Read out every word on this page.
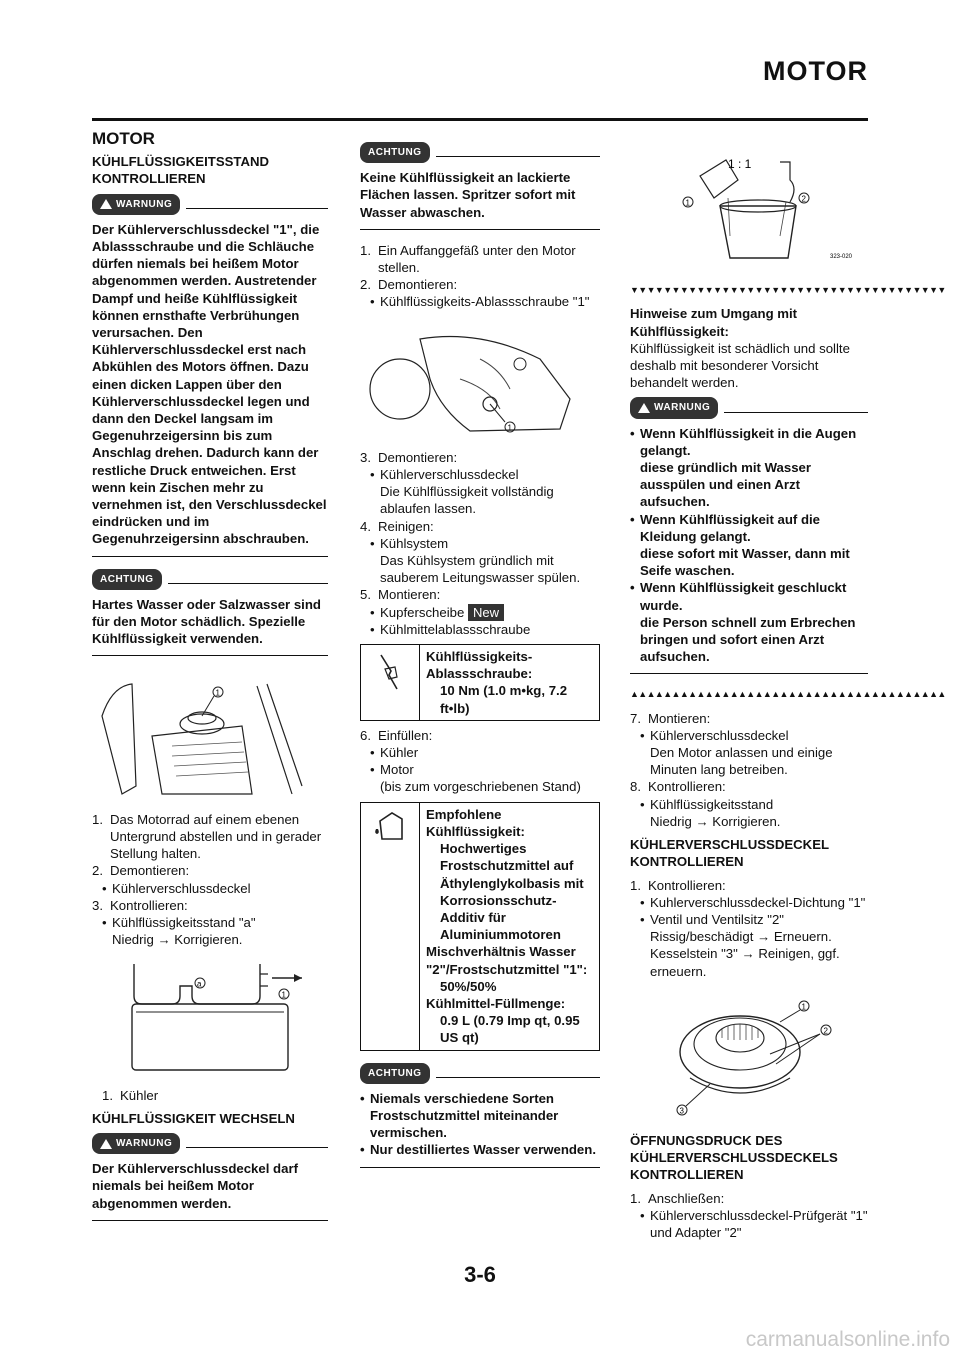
MOTOR
MOTOR
KÜHLFLÜSSIGKEITSSTAND KONTROLLIEREN
WARNUNG
Der Kühlerverschlussdeckel "1", die Ablassschraube und die Schläuche dürfen niemals bei heißem Motor abgenommen werden. Austretender Dampf und heiße Kühlflüssigkeit können ernsthafte Verbrühungen verursachen. Den Kühlerverschlussdeckel erst nach Abkühlen des Motors öffnen. Dazu einen dicken Lappen über den Kühlerverschlussdeckel legen und dann den Deckel langsam im Gegenuhrzeigersinn bis zum Anschlag drehen. Dadurch kann der restliche Druck entweichen. Erst wenn kein Zischen mehr zu vernehmen ist, den Verschlussdeckel eindrücken und im Gegenuhrzeigersinn abschrauben.
ACHTUNG
Hartes Wasser oder Salzwasser sind für den Motor schädlich. Spezielle Kühlflüssigkeit verwenden.
1
1. Das Motorrad auf einem ebenen Untergrund abstellen und in gerader Stellung halten.
2. Demontieren:
• Kühlerverschlussdeckel
3. Kontrollieren:
• Kühlflüssigkeitsstand "a"
Niedrig → Korrigieren.
a
1
1. Kühler
KÜHLFLÜSSIGKEIT WECHSELN
WARNUNG
Der Kühlerverschlussdeckel darf niemals bei heißem Motor abgenommen werden.
ACHTUNG
Keine Kühlflüssigkeit an lackierte Flächen lassen. Spritzer sofort mit Wasser abwaschen.
1. Ein Auffanggefäß unter den Motor stellen.
2. Demontieren:
• Kühlflüssigkeits-Ablassschraube "1"
1
3. Demontieren:
• Kühlerverschlussdeckel
Die Kühlflüssigkeit vollständig ablaufen lassen.
4. Reinigen:
• Kühlsystem
Das Kühlsystem gründlich mit sauberem Leitungswasser spülen.
5. Montieren:
• Kupferscheibe
New
• Kühlmittelablassschraube
Kühlflüssigkeits-Ablassschraube:
10 Nm (1.0 m•kg, 7.2 ft•lb)
6. Einfüllen:
• Kühler
• Motor
(bis zum vorgeschriebenen Stand)
Empfohlene Kühlflüssigkeit:
Hochwertiges Frostschutzmittel auf Äthylenglykolbasis mit Korrosionsschutz-Additiv für Aluminiummotoren
Mischverhältnis Wasser "2"/Frostschutzmittel "1":
50%/50%
Kühlmittel-Füllmenge:
0.9 L (0.79 Imp qt, 0.95 US qt)
ACHTUNG
• Niemals verschiedene Sorten Frostschutzmittel miteinander vermischen.
• Nur destilliertes Wasser verwenden.
1 : 1
1	2
323-020
▼▼▼▼▼▼▼▼▼▼▼▼▼▼▼▼▼▼▼▼▼▼▼▼▼▼▼▼▼▼▼▼▼▼▼▼▼▼
Hinweise zum Umgang mit Kühlflüssigkeit:
Kühlflüssigkeit ist schädlich und sollte deshalb mit besonderer Vorsicht behandelt werden.
WARNUNG
• Wenn Kühlflüssigkeit in die Augen gelangt.
diese gründlich mit Wasser ausspülen und einen Arzt aufsuchen.
• Wenn Kühlflüssigkeit auf die Kleidung gelangt.
diese sofort mit Wasser, dann mit Seife waschen.
• Wenn Kühlflüssigkeit geschluckt wurde.
die Person schnell zum Erbrechen bringen und sofort einen Arzt aufsuchen.
▲▲▲▲▲▲▲▲▲▲▲▲▲▲▲▲▲▲▲▲▲▲▲▲▲▲▲▲▲▲▲▲▲▲▲▲▲▲
7. Montieren:
• Kühlerverschlussdeckel
Den Motor anlassen und einige Minuten lang betreiben.
8. Kontrollieren:
• Kühlflüssigkeitsstand
Niedrig → Korrigieren.
KÜHLERVERSCHLUSSDECKEL KONTROLLIEREN
1. Kontrollieren:
• Kuhlerverschlussdeckel-Dichtung "1"
• Ventil und Ventilsitz "2"
Rissig/beschädigt → Erneuern.
Kesselstein "3" → Reinigen, ggf. erneuern.
1
2
3
ÖFFNUNGSDRUCK DES KÜHLERVERSCHLUSSDECKELS KONTROLLIEREN
1. Anschließen:
• Kühlerverschlussdeckel-Prüfgerät "1" und Adapter "2"
3-6
carmanualsonline.info
